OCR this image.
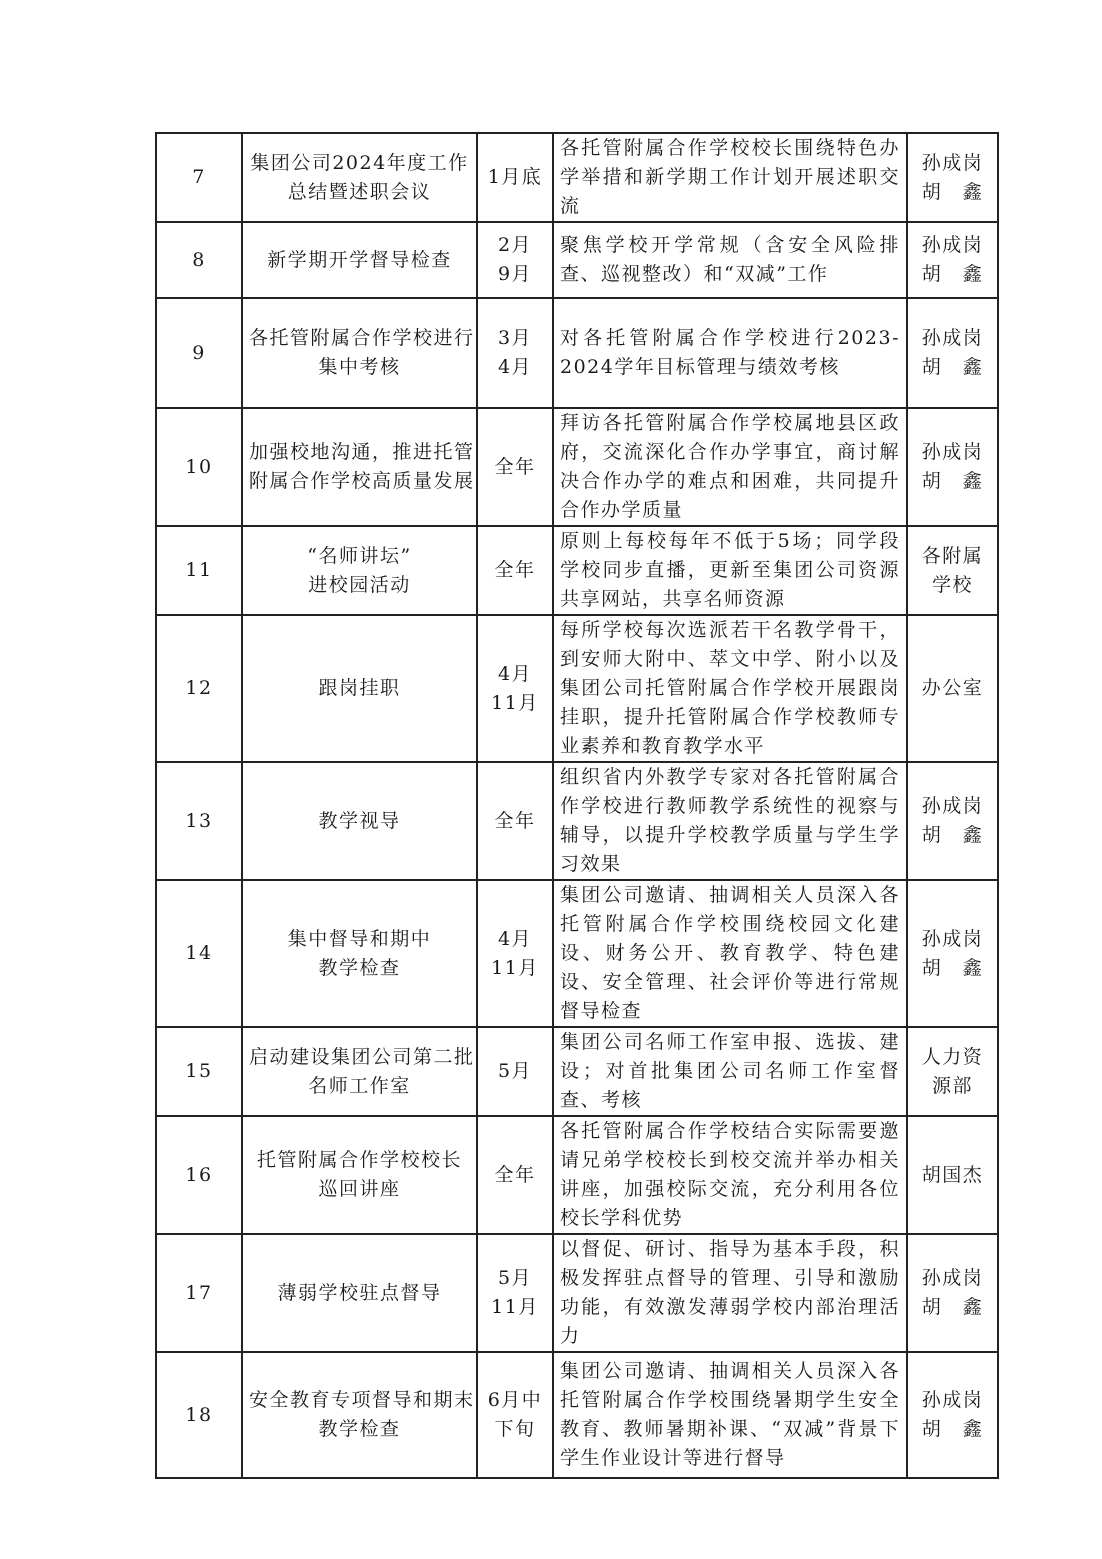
7	集团公司2024年度工作
总结暨述职会议	1月底	各托管附属合作学校校长围绕特色办学举措和新学期工作计划开展述职交流	孙成岗
胡　鑫

8	新学期开学督导检查	2月
9月	聚焦学校开学常规（含安全风险排查、巡视整改）和“双减”工作	孙成岗
胡　鑫

9	各托管附属合作学校进行
集中考核	3月
4月	对各托管附属合作学校进行2023-2024学年目标管理与绩效考核	孙成岗
胡　鑫

10	加强校地沟通，推进托管
附属合作学校高质量发展	全年	拜访各托管附属合作学校属地县区政府，交流深化合作办学事宜，商讨解决合作办学的难点和困难，共同提升合作办学质量	孙成岗
胡　鑫

11	“名师讲坛”
进校园活动	全年	原则上每校每年不低于5场；同学段学校同步直播，更新至集团公司资源共享网站，共享名师资源	各附属
学校

12	跟岗挂职	4月
11月	每所学校每次选派若干名教学骨干，到安师大附中、萃文中学、附小以及集团公司托管附属合作学校开展跟岗挂职，提升托管附属合作学校教师专业素养和教育教学水平	办公室

13	教学视导	全年	组织省内外教学专家对各托管附属合作学校进行教师教学系统性的视察与辅导，以提升学校教学质量与学生学习效果	孙成岗
胡　鑫

14	集中督导和期中
教学检查	4月
11月	集团公司邀请、抽调相关人员深入各托管附属合作学校围绕校园文化建设、财务公开、教育教学、特色建设、安全管理、社会评价等进行常规督导检查	孙成岗
胡　鑫

15	启动建设集团公司第二批
名师工作室	5月	集团公司名师工作室申报、选拔、建设；对首批集团公司名师工作室督查、考核	人力资
源部

16	托管附属合作学校校长
巡回讲座	全年	各托管附属合作学校结合实际需要邀请兄弟学校校长到校交流并举办相关讲座，加强校际交流，充分利用各位校长学科优势	胡国杰

17	薄弱学校驻点督导	5月
11月	以督促、研讨、指导为基本手段，积极发挥驻点督导的管理、引导和激励功能，有效激发薄弱学校内部治理活力	孙成岗
胡　鑫

18	安全教育专项督导和期末
教学检查	6月中
下旬	集团公司邀请、抽调相关人员深入各托管附属合作学校围绕暑期学生安全教育、教师暑期补课、“双减”背景下学生作业设计等进行督导	孙成岗
胡　鑫
